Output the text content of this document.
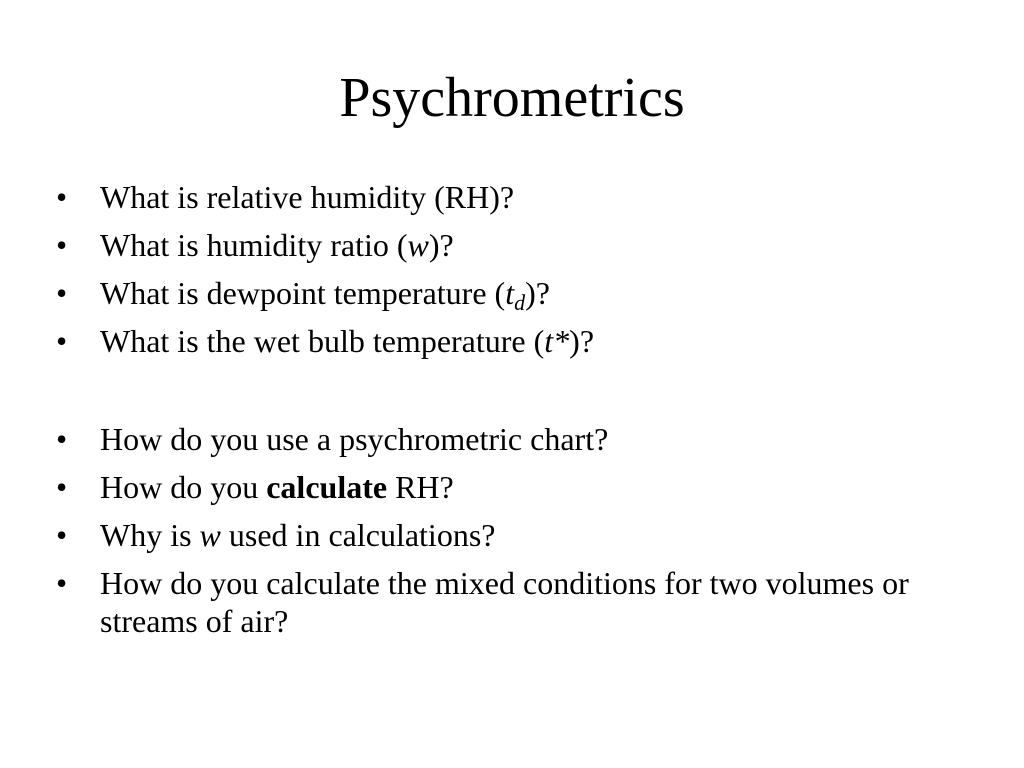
Psychrometrics
•	What is relative humidity (RH)?
•	What is humidity ratio (w)?
•	What is dewpoint temperature $(t_d)$?
•	What is the wet bulb temperature (t*)?
•	How do you use a psychrometric chart?
•	How do you calculate RH?
•	Why is w used in calculations?
•	How do you calculate the mixed conditions for two volumes or streams of air?
